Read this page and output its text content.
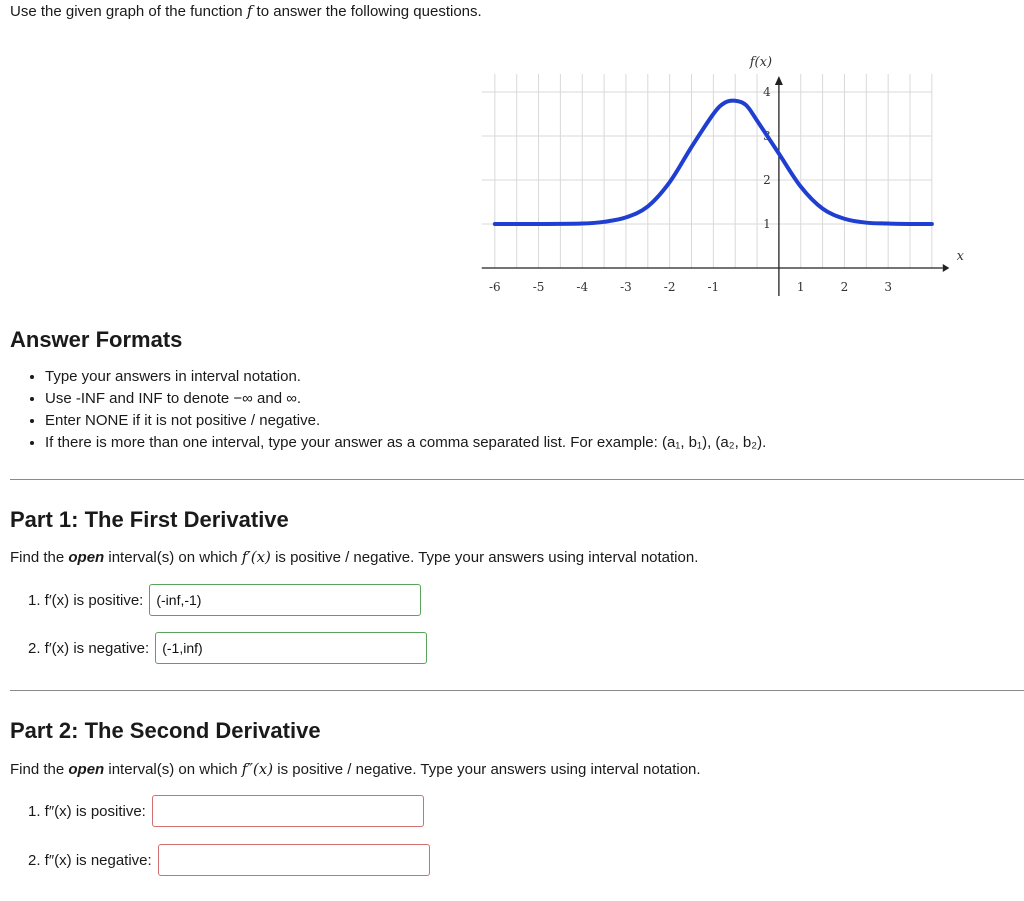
Use the given graph of the function f to answer the following questions.
-6	-5	-4	-3	-2	-1	1	2	3
1
2
3
4
f(x)
x
Answer Formats
• Type your answers in interval notation.
• Use -INF and INF to denote −∞ and ∞.
• Enter NONE if it is not positive / negative.
• If there is more than one interval, type your answer as a comma separated list. For example: (a₁, b₁), (a₂, b₂).
Part 1: The First Derivative
Find the open interval(s) on which f′(x) is positive / negative. Type your answers using interval notation.
1. f′(x) is positive:
(-inf,-1)
2. f′(x) is negative:
(-1,inf)
Part 2: The Second Derivative
Find the open interval(s) on which f″(x) is positive / negative. Type your answers using interval notation.
1. f″(x) is positive:
2. f″(x) is negative:
